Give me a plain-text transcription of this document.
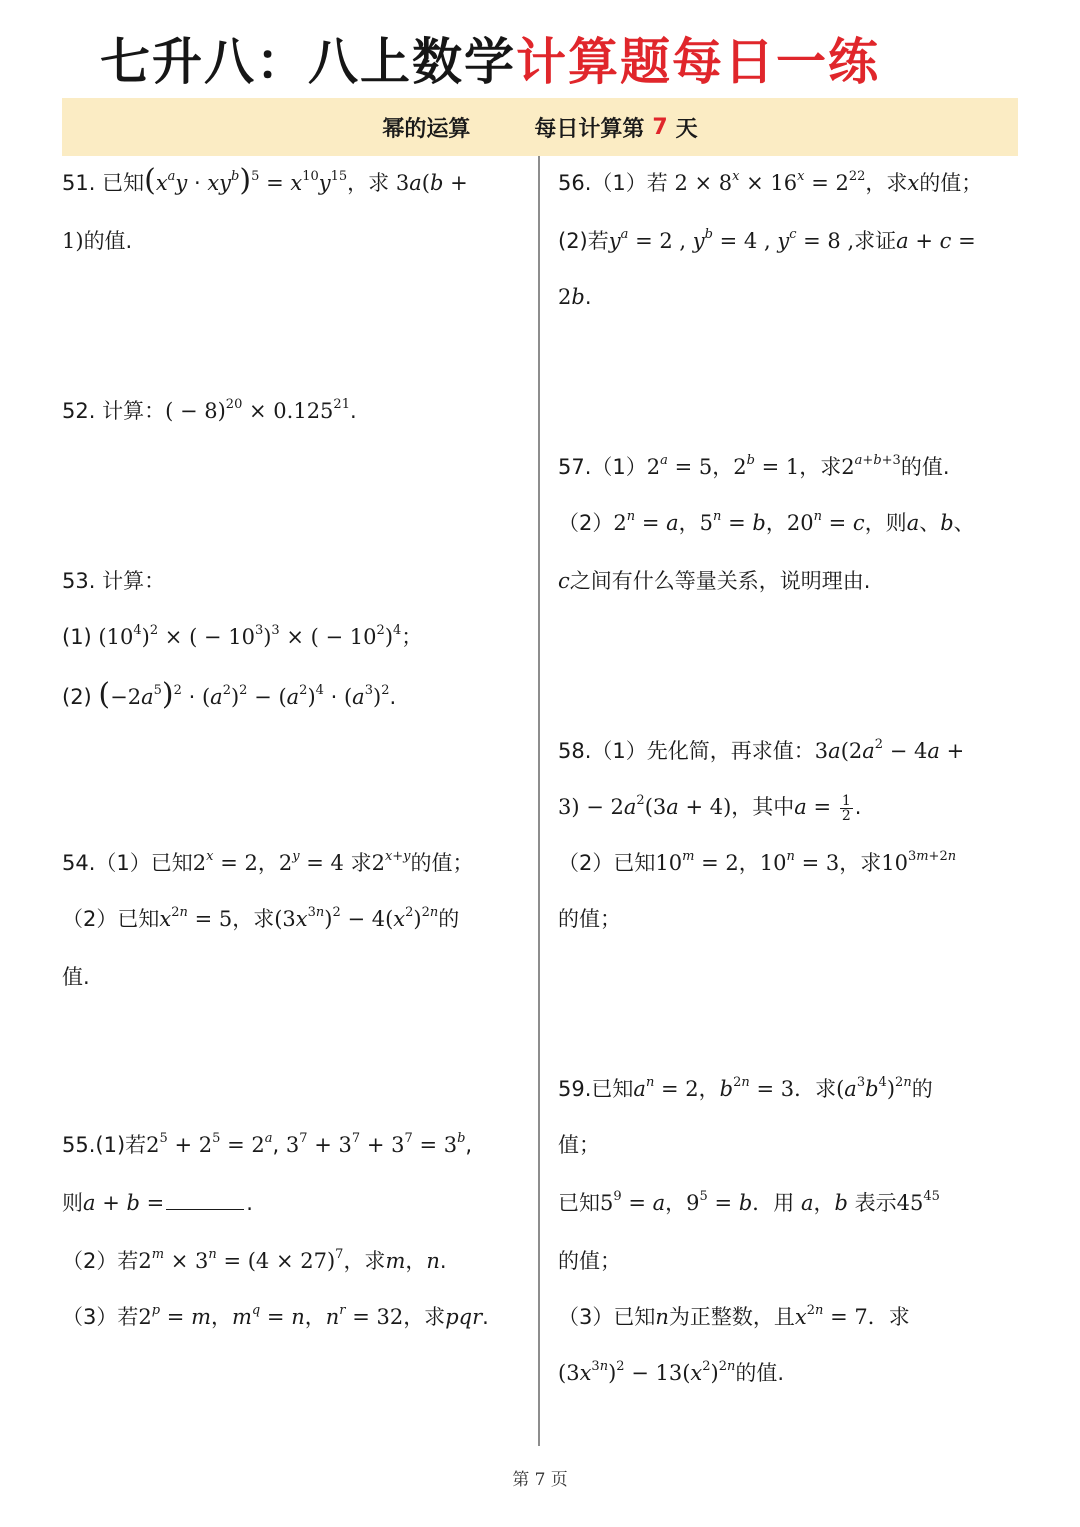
七升八：八上数学计算题每日一练
幂的运算	每日计算第 7 天
51. 已知$(x^ay \cdot xy^b)^5 = x^{10}y^{15}$，求 3a(b +
1)的值.
52. 计算：( − $8)^{20} \times 0.125^{21}$.
53. 计算：
(1) $(10^4)^2$ × ( − $10^3)^3$ × ( − $10^2)^4$；
(2) $(-2a^5)^2 \cdot (a^2)^2 - (a^2)^4 \cdot (a^3)^2$.
54.（1）已知$2^x = 2$，$2^y = 4$ 求$2^{x+y}$的值；
（2）已知$x^{2n} = 5$，求$(3x^{3n})^2 - 4(x^2)^{2n}$的
值.
55.(1)若$2^5 + 2^5 = 2^a$, $3^7 + 3^7 + 3^7 = 3^b$,
则a + b =	.
（2）若$2^m \times 3^n = (4 \times 27)^7$，求m，n.
（3）若$2^p = m$，$m^q = n$，$n^r = 32$，求pqr.
56.（1）若 $2 \times 8^x \times 16^x = 2^{22}$，求x的值；
(2)若$y^a = 2$ , $y^b = 4$ , $y^c = 8$ ,求证a + c =
2b.
$57.(1)2^a = 5$，$2^b = 1$，求$2^{a+b+3}$的值.
$(2)2^n = a$，$5^n = b$，$20^n = c$，则a、b、
c之间有什么等量关系，说明理由.
58.（1）先化简，再求值：$3a(2a^2 - 4a$ +
$3) - 2a^2(3a + 4)$，其中$a = \frac{1}{2}$ .
（2）已知$10^m = 2$，$10^n = 3$，求$10^{3m+2n}$
的值；
59.已知$a^n = 2$，$b^{2n} = 3$．求$(a^3b^4)^{2n}$的
值；
已知$5^9 = a$，$9^5 = b$．用 a，b 表示$45^{45}$
的值；
（3）已知n为正整数，且$x^{2n} = 7$．求
$(3x^{3n})^2 - 13(x^2)^{2n}$的值.
第 7 页
